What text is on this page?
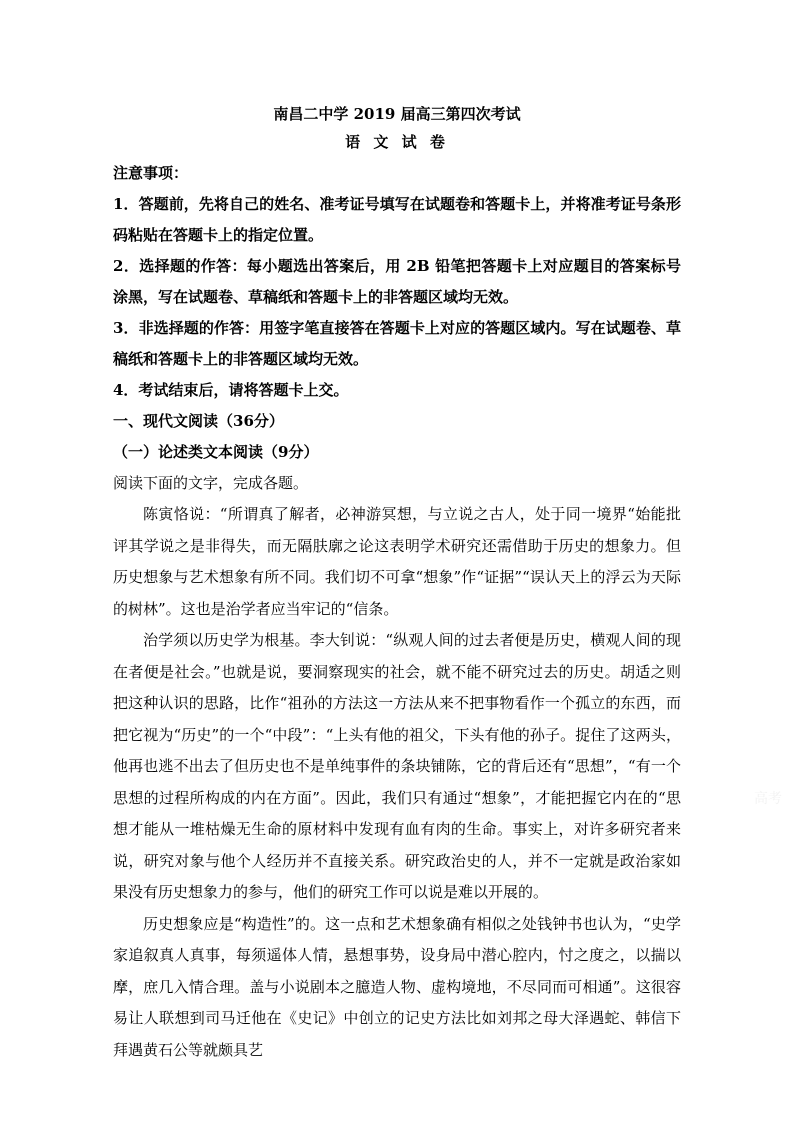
南昌二中学 2019 届高三第四次考试

语 文 试 卷

注意事项：

1．答题前，先将自己的姓名、准考证号填写在试题卷和答题卡上，并将准考证号条形码粘贴在答题卡上的指定位置。

2．选择题的作答：每小题选出答案后，用 2B 铅笔把答题卡上对应题目的答案标号涂黑，写在试题卷、草稿纸和答题卡上的非答题区域均无效。

3．非选择题的作答：用签字笔直接答在答题卡上对应的答题区域内。写在试题卷、草稿纸和答题卡上的非答题区域均无效。

4．考试结束后，请将答题卡上交。

一、现代文阅读（36分）

（一）论述类文本阅读（9分）

阅读下面的文字，完成各题。

陈寅恪说：“所谓真了解者，必神游冥想，与立说之古人，处于同一境界“始能批评其学说之是非得失，而无隔肤廓之论这表明学术研究还需借助于历史的想象力。但历史想象与艺术想象有所不同。我们切不可拿“想象”作“证据”“误认天上的浮云为天际的树林”。这也是治学者应当牢记的“信条。

治学须以历史学为根基。李大钊说：“纵观人间的过去者便是历史，横观人间的现在者便是社会。”也就是说，要洞察现实的社会，就不能不研究过去的历史。胡适之则把这种认识的思路，比作“祖孙的方法这一方法从来不把事物看作一个孤立的东西，而把它视为“历史”的一个“中段”：“上头有他的祖父，下头有他的孙子。捉住了这两头，他再也逃不出去了但历史也不是单纯事件的条块铺陈，它的背后还有“思想”，“有一个思想的过程所构成的内在方面”。因此，我们只有通过“想象”，才能把握它内在的“思想才能从一堆枯燥无生命的原材料中发现有血有肉的生命。事实上，对许多研究者来说，研究对象与他个人经历并不直接关系。研究政治史的人，并不一定就是政治家如果没有历史想象力的参与，他们的研究工作可以说是难以开展的。

历史想象应是“构造性”的。这一点和艺术想象确有相似之处钱钟书也认为，“史学家追叙真人真事，每须遥体人情，悬想事势，设身局中潜心腔内，忖之度之，以揣以摩，庶几入情合理。盖与小说剧本之臆造人物、虚构境地，不尽同而可相通”。这很容易让人联想到司马迁他在《史记》中创立的记史方法比如刘邦之母大泽遇蛇、韩信下拜遇黄石公等就颇具艺

高考
